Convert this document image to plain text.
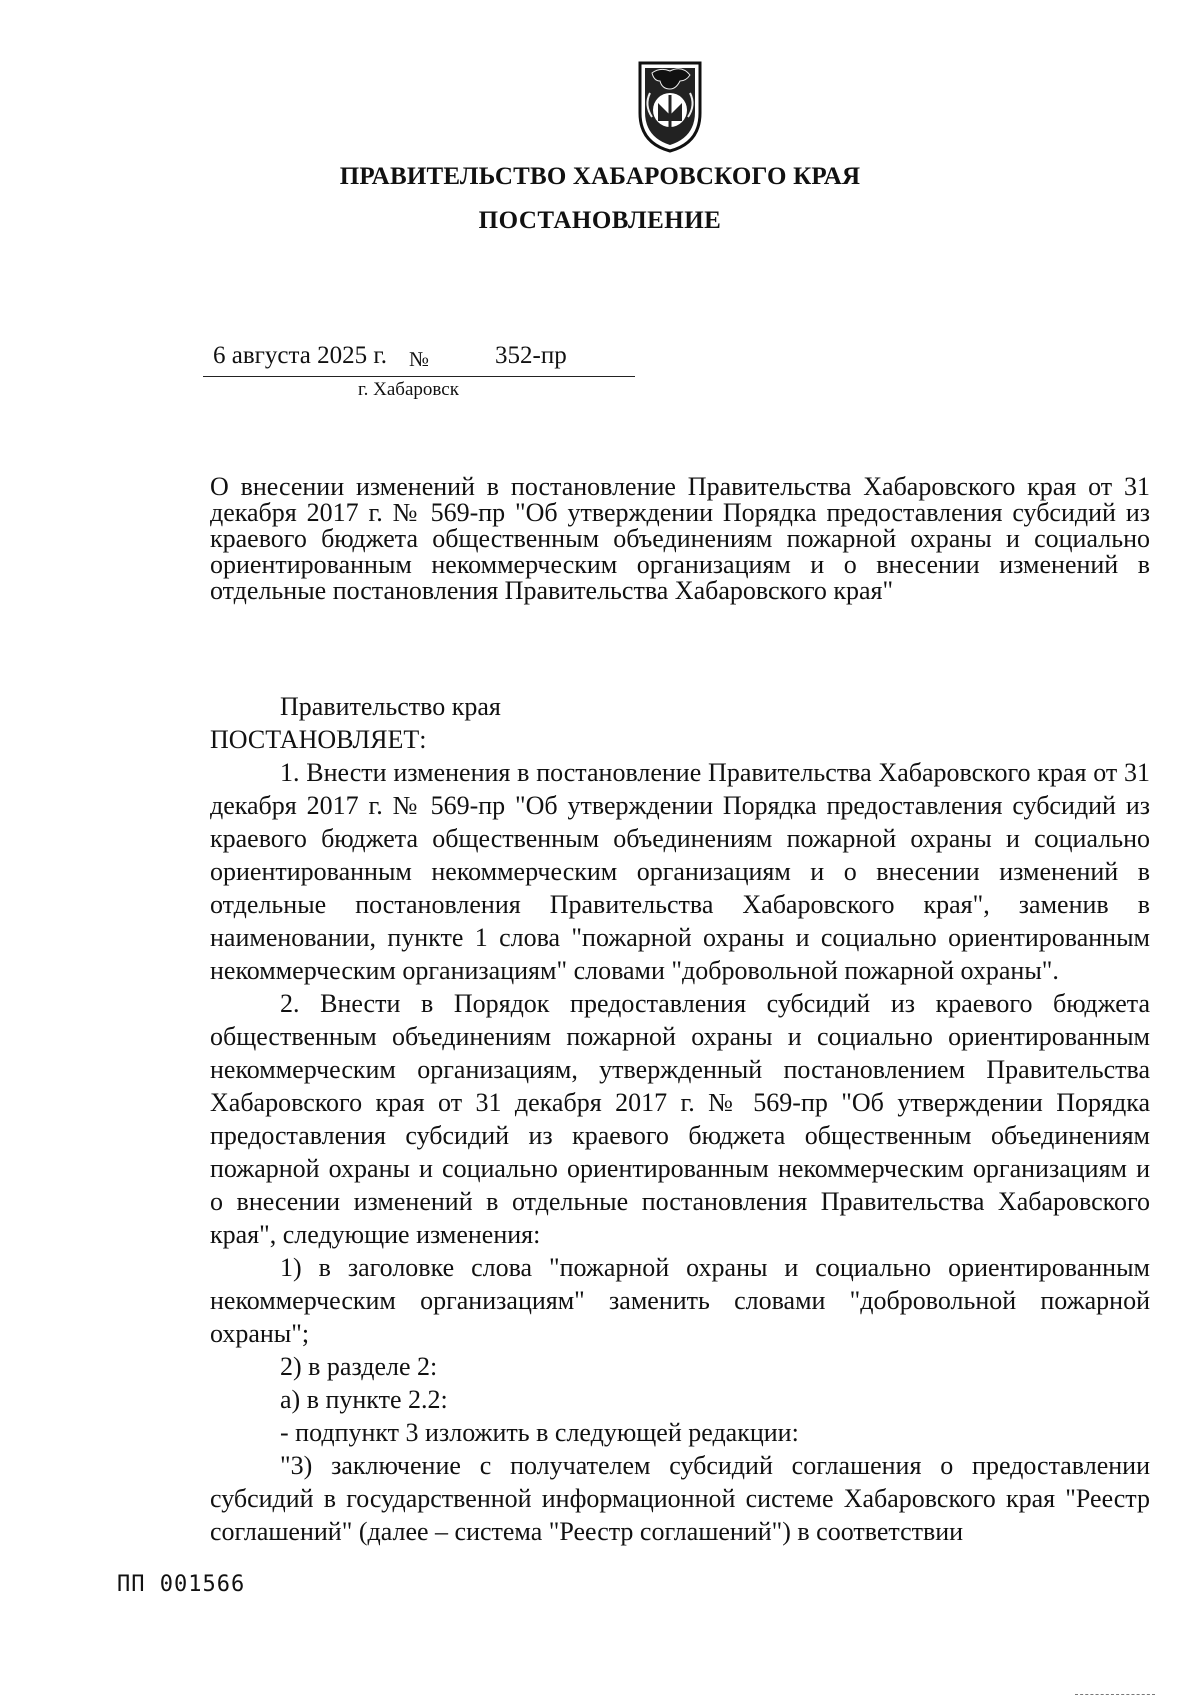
ПРАВИТЕЛЬСТВО ХАБАРОВСКОГО КРАЯ
ПОСТАНОВЛЕНИЕ
6 августа 2025 г. №	352-пр
г. Хабаровск
О внесении изменений в постановление Правительства Хабаровского края от 31 декабря 2017 г. № 569-пр "Об утверждении Порядка предоставления субсидий из краевого бюджета общественным объединениям пожарной охраны и социально ориентированным некоммерческим организациям и о внесении изменений в отдельные постановления Правительства Хабаровского края"

Правительство края

ПОСТАНОВЛЯЕТ:

1. Внести изменения в постановление Правительства Хабаровского края от 31 декабря 2017 г. № 569-пр "Об утверждении Порядка предоставления субсидий из краевого бюджета общественным объединениям пожарной охраны и социально ориентированным некоммерческим организациям и о внесении изменений в отдельные постановления Правительства Хабаровского края", заменив в наименовании, пункте 1 слова "пожарной охраны и социально ориентированным некоммерческим организациям" словами "добровольной пожарной охраны".

2. Внести в Порядок предоставления субсидий из краевого бюджета общественным объединениям пожарной охраны и социально ориентированным некоммерческим организациям, утвержденный постановлением Правительства Хабаровского края от 31 декабря 2017 г. № 569-пр "Об утверждении Порядка предоставления субсидий из краевого бюджета общественным объединениям пожарной охраны и социально ориентированным некоммерческим организациям и о внесении изменений в отдельные постановления Правительства Хабаровского края", следующие изменения:

1) в заголовке слова "пожарной охраны и социально ориентированным некоммерческим организациям" заменить словами "добровольной пожарной охраны";

2) в разделе 2:

а) в пункте 2.2:

- подпункт 3 изложить в следующей редакции:

"3) заключение с получателем субсидий соглашения о предоставлении субсидий в государственной информационной системе Хабаровского края "Реестр соглашений" (далее – система "Реестр соглашений") в соответствии

ПП 001566
